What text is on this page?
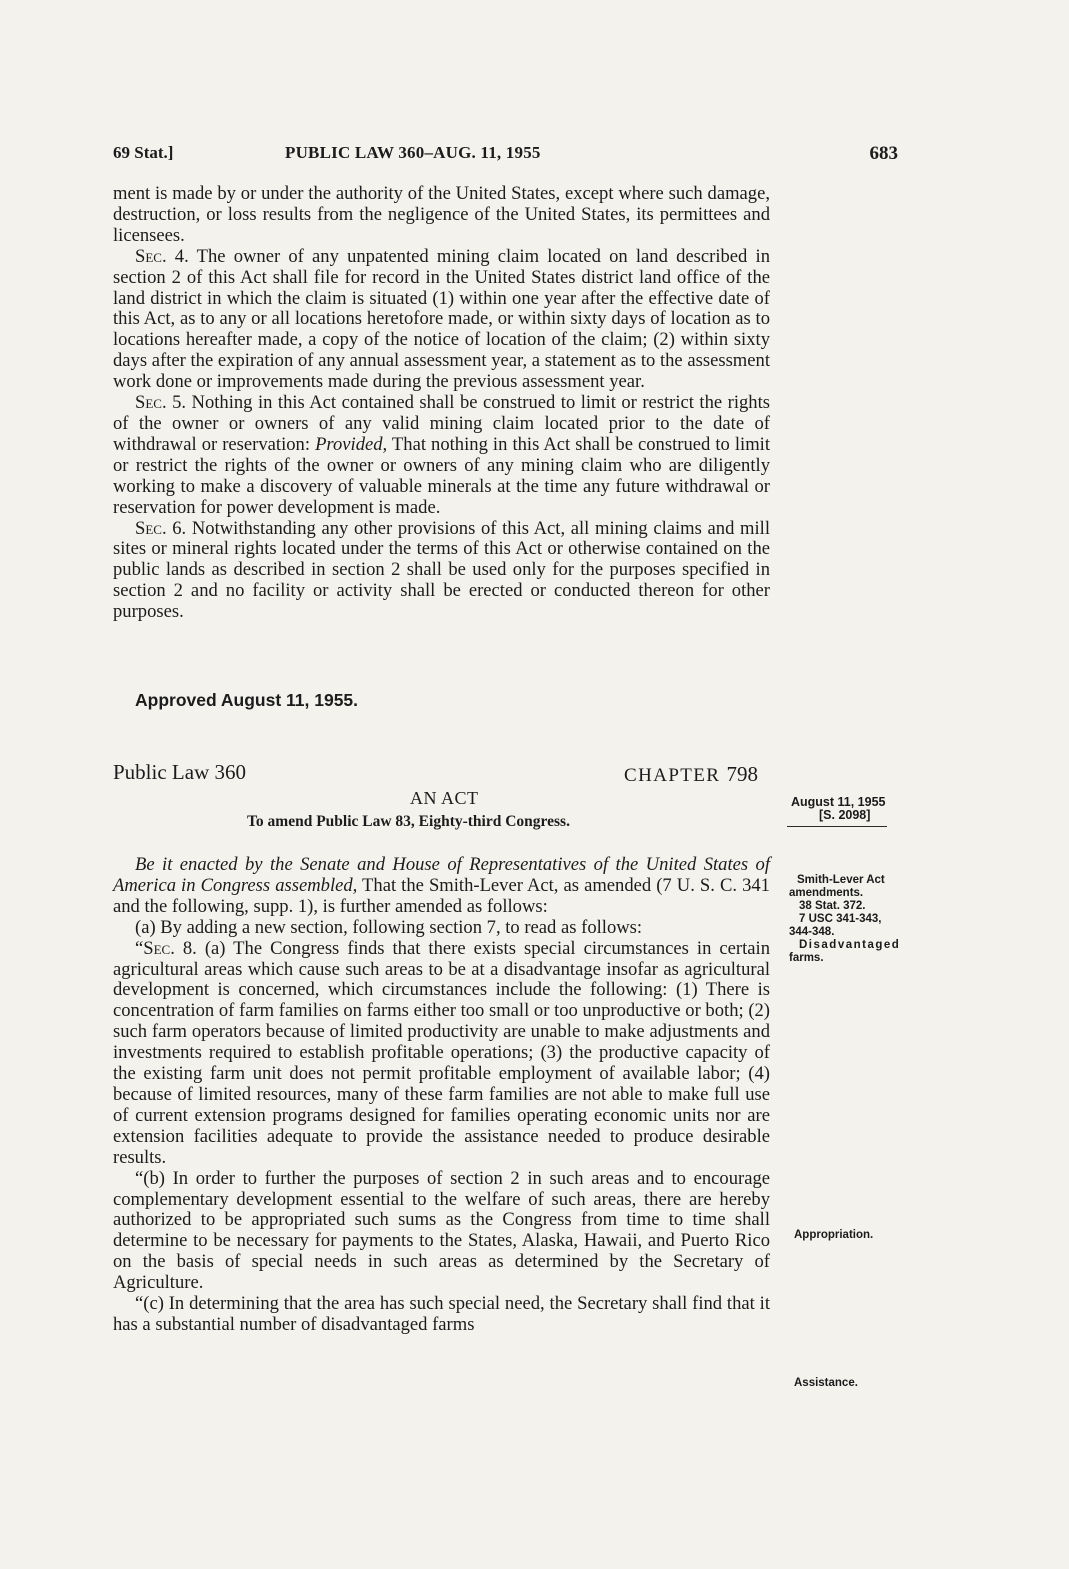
69 Stat.]	PUBLIC LAW 360–AUG. 11, 1955	683

ment is made by or under the authority of the United States, except where such damage, destruction, or loss results from the negligence of the United States, its permittees and licensees.

Sec. 4. The owner of any unpatented mining claim located on land described in section 2 of this Act shall file for record in the United States district land office of the land district in which the claim is situated (1) within one year after the effective date of this Act, as to any or all locations heretofore made, or within sixty days of location as to locations hereafter made, a copy of the notice of location of the claim; (2) within sixty days after the expiration of any annual assessment year, a statement as to the assessment work done or improvements made during the previous assessment year.

Sec. 5. Nothing in this Act contained shall be construed to limit or restrict the rights of the owner or owners of any valid mining claim located prior to the date of withdrawal or reservation: Provided, That nothing in this Act shall be construed to limit or restrict the rights of the owner or owners of any mining claim who are diligently working to make a discovery of valuable minerals at the time any future withdrawal or reservation for power development is made.

Sec. 6. Notwithstanding any other provisions of this Act, all mining claims and mill sites or mineral rights located under the terms of this Act or otherwise contained on the public lands as described in section 2 shall be used only for the purposes specified in section 2 and no facility or activity shall be erected or conducted thereon for other purposes.

Approved August 11, 1955.
Public Law 360	CHAPTER 798
AN ACT
To amend Public Law 83, Eighty-third Congress.

Be it enacted by the Senate and House of Representatives of the United States of America in Congress assembled, That the Smith-Lever Act, as amended (7 U. S. C. 341 and the following, supp. 1), is further amended as follows:

(a) By adding a new section, following section 7, to read as follows:

“Sec. 8. (a) The Congress finds that there exists special circumstances in certain agricultural areas which cause such areas to be at a disadvantage insofar as agricultural development is concerned, which circumstances include the following: (1) There is concentration of farm families on farms either too small or too unproductive or both; (2) such farm operators because of limited productivity are unable to make adjustments and investments required to establish profitable operations; (3) the productive capacity of the existing farm unit does not permit profitable employment of available labor; (4) because of limited resources, many of these farm families are not able to make full use of current extension programs designed for families operating economic units nor are extension facilities adequate to provide the assistance needed to produce desirable results.

“(b) In order to further the purposes of section 2 in such areas and to encourage complementary development essential to the welfare of such areas, there are hereby authorized to be appropriated such sums as the Congress from time to time shall determine to be necessary for payments to the States, Alaska, Hawaii, and Puerto Rico on the basis of special needs in such areas as determined by the Secretary of Agriculture.

“(c) In determining that the area has such special need, the Secretary shall find that it has a substantial number of disadvantaged farms

August 11, 1955
[S. 2098]
Smith-Lever Act
amendments.
38 Stat. 372.
7 USC 341-343,
344-348.
Disadvantaged
farms.
Appropriation.
Assistance.
